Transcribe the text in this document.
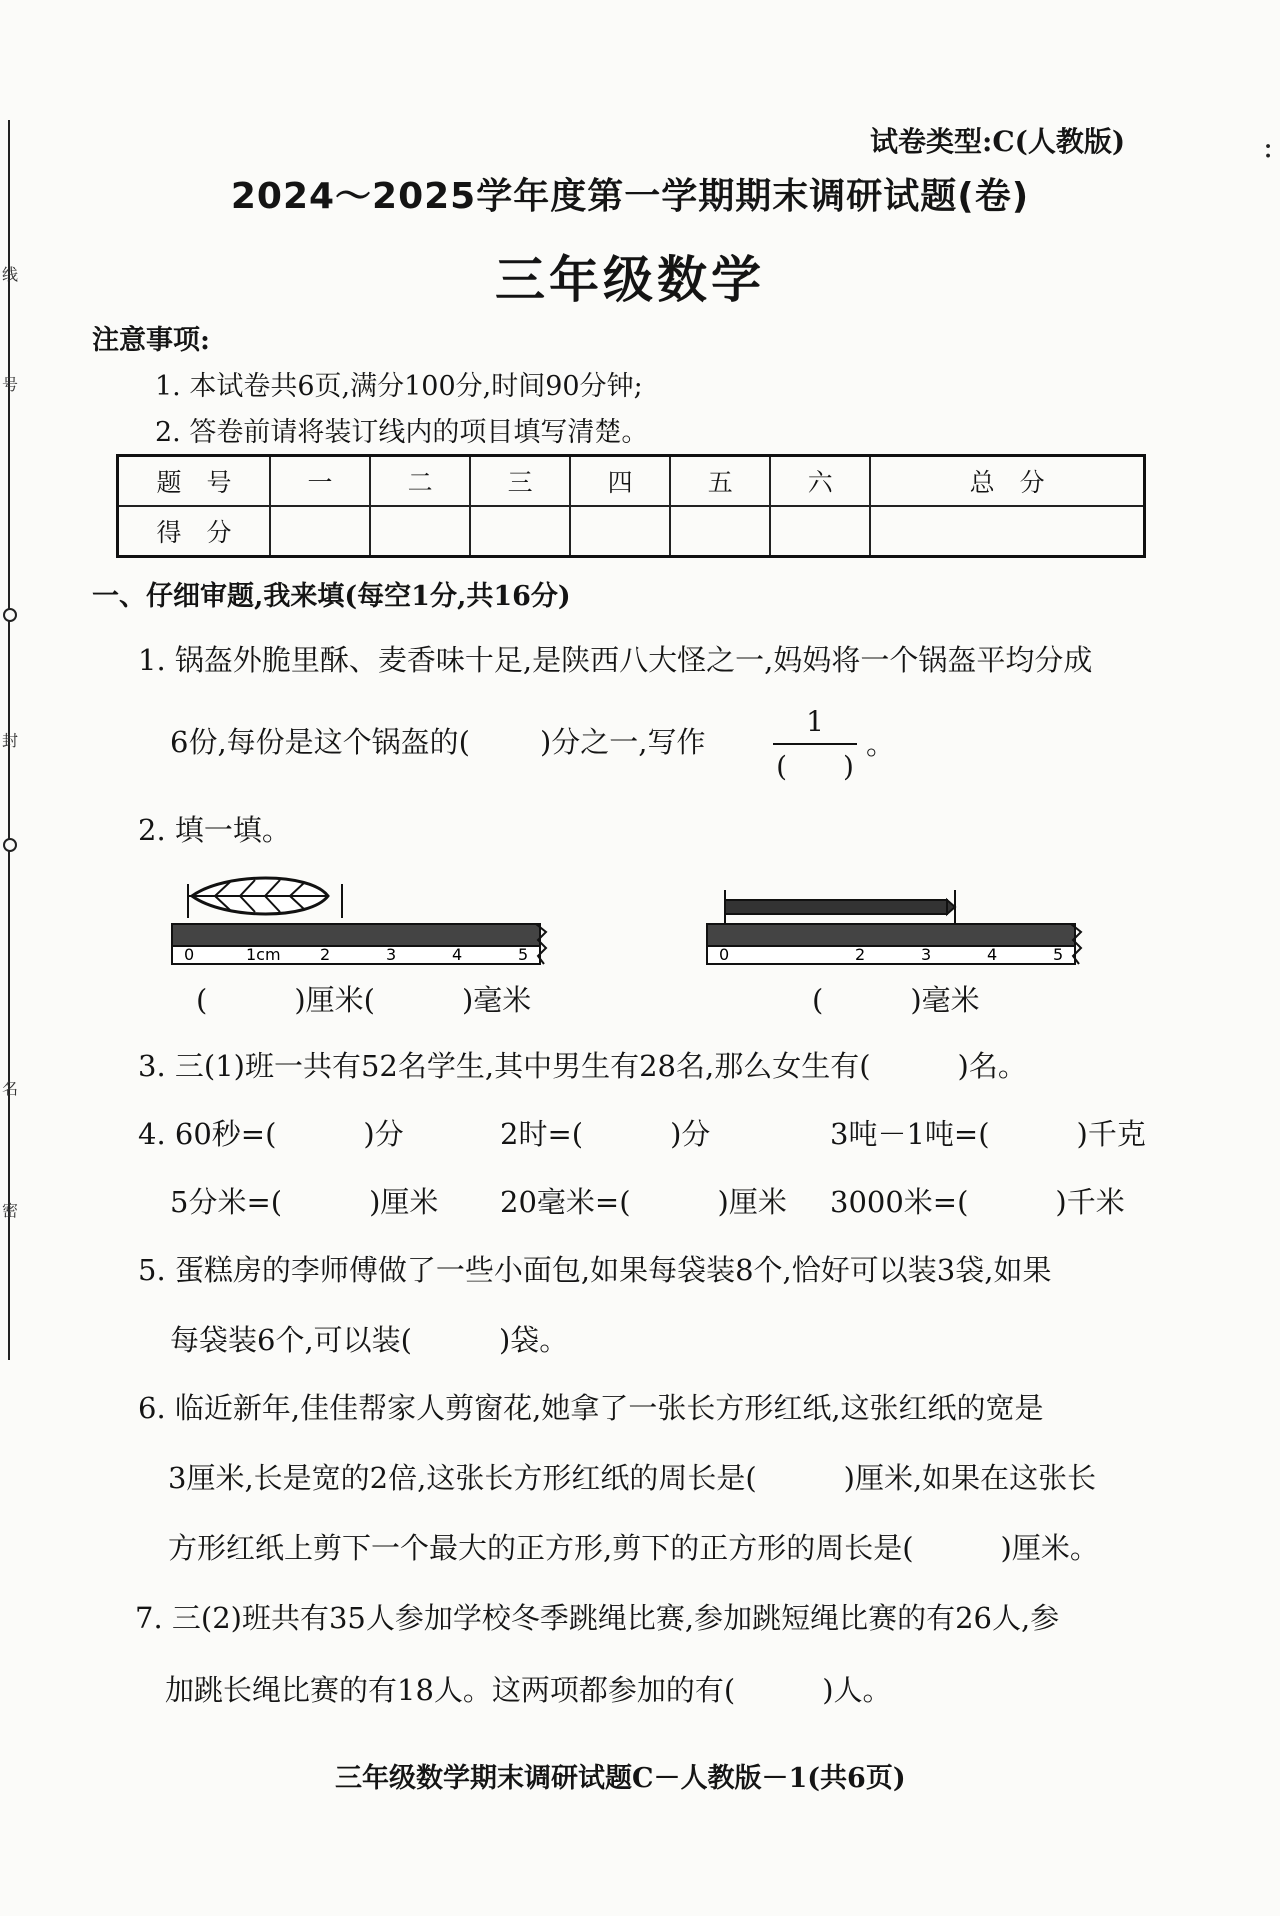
线
号
封
名
密
:
试卷类型:C(人教版)
2024～2025学年度第一学期期末调研试题(卷)
三年级数学
注意事项:
1. 本试卷共6页,满分100分,时间90分钟;
2. 答卷前请将装订线内的项目填写清楚。
题　号	一	二	三	四	五	六	总　分
得　分							
一、仔细审题,我来填(每空1分,共16分)
1. 锅盔外脆里酥、麦香味十足,是陕西八大怪之一,妈妈将一个锅盔平均分成
6份,每份是这个锅盔的( )分之一,写作
1
(　　)
。
2. 填一填。
0	1cm 2	3	4	5	0	2	3	4	5
(　　　)厘米(　　　)毫米	(　　　)毫米
3. 三(1)班一共有52名学生,其中男生有28名,那么女生有(　　　)名。
4. 60秒=(　　　)分	2时=(　　　)分	3吨－1吨=(　　　)千克
5分米=(　　　)厘米 20毫米=(　　　)厘米 3000米=(　　　)千米
5. 蛋糕房的李师傅做了一些小面包,如果每袋装8个,恰好可以装3袋,如果
每袋装6个,可以装(　　　)袋。
6. 临近新年,佳佳帮家人剪窗花,她拿了一张长方形红纸,这张红纸的宽是
3厘米,长是宽的2倍,这张长方形红纸的周长是(　　　)厘米,如果在这张长
方形红纸上剪下一个最大的正方形,剪下的正方形的周长是(　　　)厘米。
7. 三(2)班共有35人参加学校冬季跳绳比赛,参加跳短绳比赛的有26人,参
加跳长绳比赛的有18人。这两项都参加的有(　　　)人。
三年级数学期末调研试题C－人教版－1(共6页)
